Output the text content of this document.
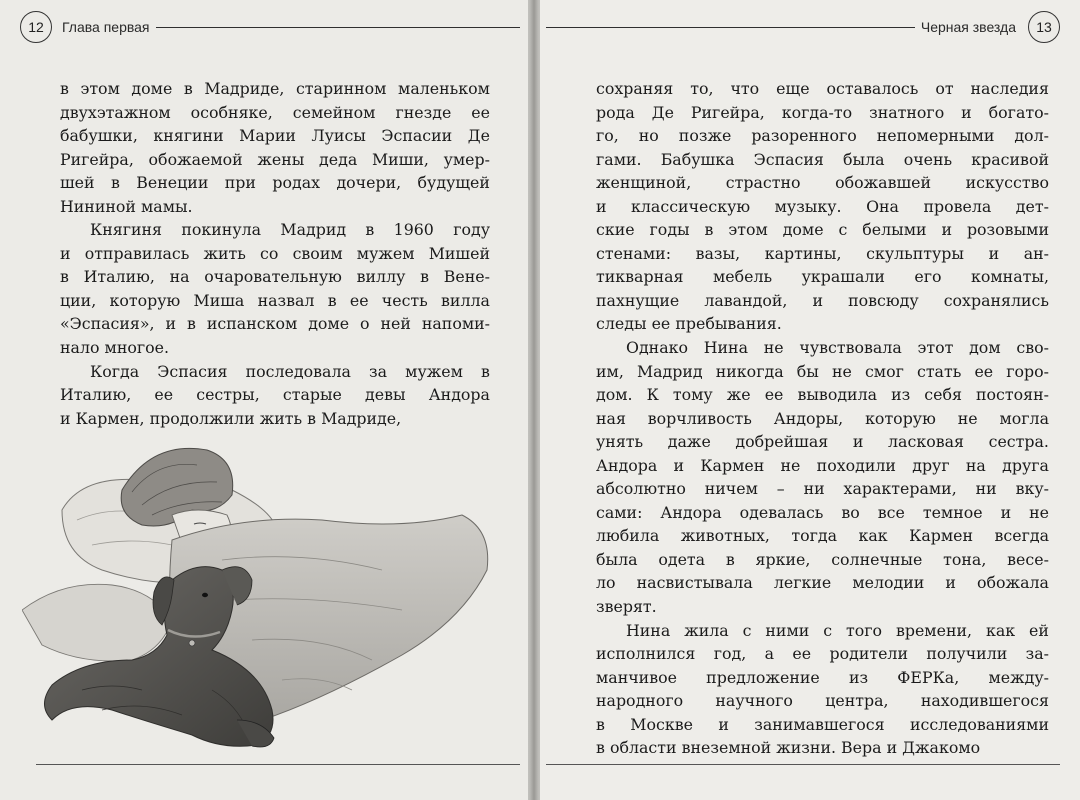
12	Глава первая
в этом доме в Мадриде, старинном маленьком
двухэтажном особняке, семейном гнезде ее
бабушки, княгини Марии Луисы Эспасии Де
Ригейра, обожаемой жены деда Миши, умер-
шей в Венеции при родах дочери, будущей
Нининой мамы.
Княгиня покинула Мадрид в 1960 году
и отправилась жить со своим мужем Мишей
в Италию, на очаровательную виллу в Вене-
ции, которую Миша назвал в ее честь вилла
«Эспасия», и в испанском доме о ней напоми-
нало многое.
Когда Эспасия последовала за мужем в
Италию, ее сестры, старые девы Андора
и Кармен, продолжили жить в Мадриде,
Черная звезда	13
сохраняя то, что еще оставалось от наследия
рода Де Ригейра, когда-то знатного и богато-
го, но позже разоренного непомерными дол-
гами. Бабушка Эспасия была очень красивой
женщиной, страстно обожавшей искусство
и классическую музыку. Она провела дет-
ские годы в этом доме с белыми и розовыми
стенами: вазы, картины, скульптуры и ан-
тикварная мебель украшали его комнаты,
пахнущие лавандой, и повсюду сохранялись
следы ее пребывания.
Однако Нина не чувствовала этот дом сво-
им, Мадрид никогда бы не смог стать ее горо-
дом. К тому же ее выводила из себя постоян-
ная ворчливость Андоры, которую не могла
унять даже добрейшая и ласковая сестра.
Андора и Кармен не походили друг на друга
абсолютно ничем – ни характерами, ни вку-
сами: Андора одевалась во все темное и не
любила животных, тогда как Кармен всегда
была одета в яркие, солнечные тона, весе-
ло насвистывала легкие мелодии и обожала
зверят.
Нина жила с ними с того времени, как ей
исполнился год, а ее родители получили за-
манчивое предложение из ФЕРКа, между-
народного научного центра, находившегося
в Москве и занимавшегося исследованиями
в области внеземной жизни. Вера и Джакомо
